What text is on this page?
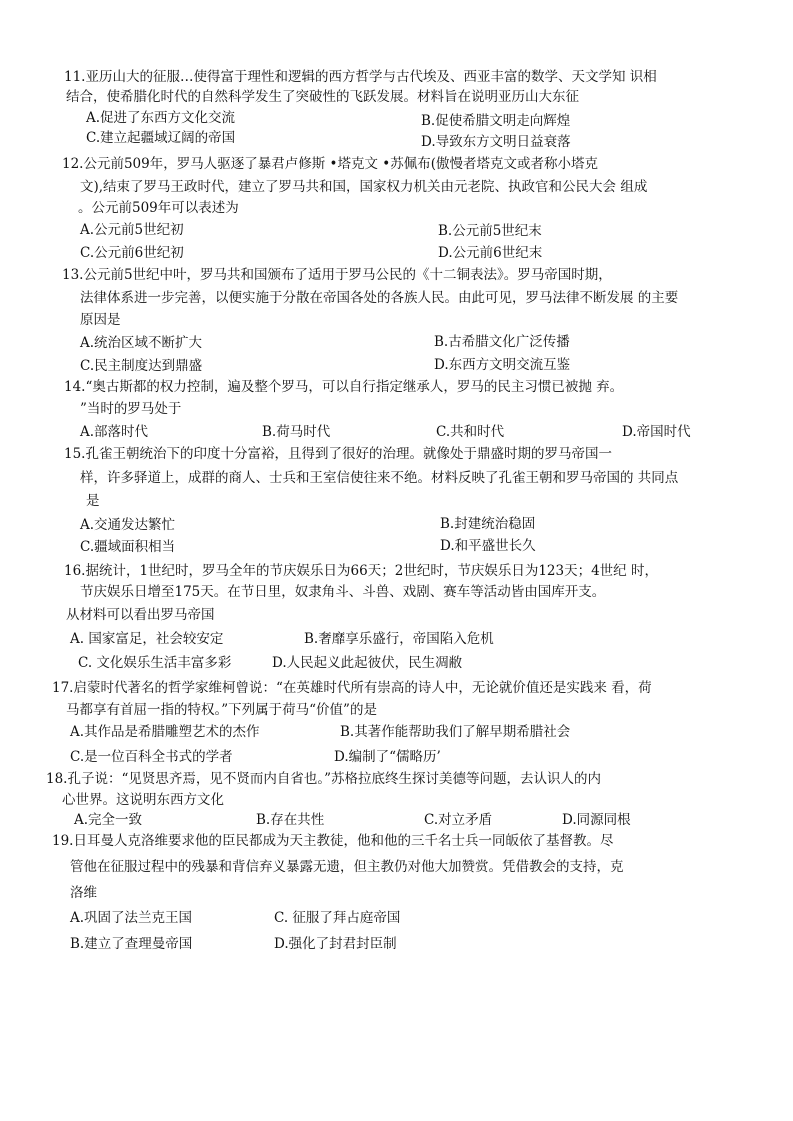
11.亚历山大的征服…使得富于理性和逻辑的西方哲学与古代埃及、西亚丰富的数学、天文学知 识相
结合，使希腊化时代的自然科学发生了突破性的飞跃发展。材料旨在说明亚历山大东征
A.促进了东西方文化交流	B.促使希腊文明走向辉煌
C.建立起疆域辽阔的帝国	D.导致东方文明日益衰落
12.公元前509年，罗马人驱逐了暴君卢修斯 •塔克文 •苏佩布(傲慢者塔克文或者称小塔克
文),结束了罗马王政时代，建立了罗马共和国，国家权力机关由元老院、执政官和公民大会 组成
。公元前509年可以表述为
A.公元前5世纪初	B.公元前5世纪末
C.公元前6世纪初	D.公元前6世纪末
13.公元前5世纪中叶，罗马共和国颁布了适用于罗马公民的《十二铜表法》。罗马帝国时期，
法律体系进一步完善，以便实施于分散在帝国各处的各族人民。由此可见，罗马法律不断发展 的主要
原因是
A.统治区域不断扩大	B.古希腊文化广泛传播
C.民主制度达到鼎盛	D.东西方文明交流互鉴
14.“奥古斯都的权力控制，遍及整个罗马，可以自行指定继承人，罗马的民主习惯已被抛 弃。
”当时的罗马处于
A.部落时代	B.荷马时代	C.共和时代	D.帝国时代
15.孔雀王朝统治下的印度十分富裕，且得到了很好的治理。就像处于鼎盛时期的罗马帝国一
样，许多驿道上，成群的商人、士兵和王室信使往来不绝。材料反映了孔雀王朝和罗马帝国的 共同点
是
A.交通发达繁忙	B.封建统治稳固
C.疆域面积相当	D.和平盛世长久
16.据统计，1世纪时，罗马全年的节庆娱乐日为66天；2世纪时，节庆娱乐日为123天；4世纪 时，
节庆娱乐日增至175天。在节日里，奴隶角斗、斗兽、戏剧、赛车等活动皆由国库开支。
从材料可以看出罗马帝国
A. 国家富足，社会较安定	B.奢靡享乐盛行，帝国陷入危机
C. 文化娱乐生活丰富多彩	D.人民起义此起彼伏，民生凋敝
17.启蒙时代著名的哲学家维柯曾说：“在英雄时代所有崇高的诗人中，无论就价值还是实践来 看，荷
马都享有首屈一指的特权。”下列属于荷马“价值”的是
A.其作品是希腊雕塑艺术的杰作	B.其著作能帮助我们了解早期希腊社会
C.是一位百科全书式的学者	D.编制了“儒略历’
18.孔子说：“见贤思齐焉，见不贤而内自省也。”苏格拉底终生探讨美德等问题，去认识人的内
心世界。这说明东西方文化
A.完全一致	B.存在共性	C.对立矛盾	D.同源同根
19.日耳曼人克洛维要求他的臣民都成为天主教徒，他和他的三千名士兵一同皈依了基督教。尽
管他在征服过程中的残暴和背信弃义暴露无遗，但主教仍对他大加赞赏。凭借教会的支持，克
洛维
A.巩固了法兰克王国	C. 征服了拜占庭帝国
B.建立了查理曼帝国	D.强化了封君封臣制
